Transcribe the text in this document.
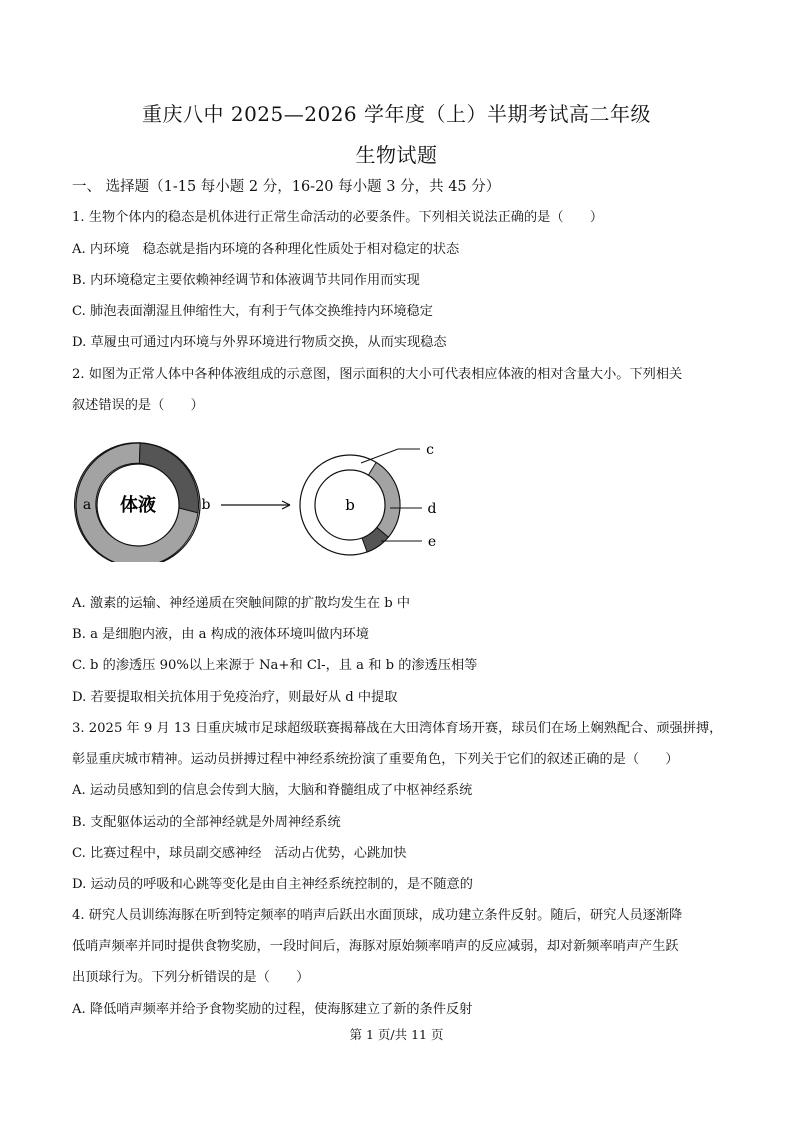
重庆八中 2025—2026 学年度（上）半期考试高二年级
生物试题
一、 选择题（1-15 每小题 2 分，16-20 每小题 3 分，共 45 分）
1. 生物个体内的稳态是机体进行正常生命活动的必要条件。下列相关说法正确的是（　　）
A. 内环境　稳态就是指内环境的各种理化性质处于相对稳定的状态
B. 内环境稳定主要依赖神经调节和体液调节共同作用而实现
C. 肺泡表面潮湿且伸缩性大，有利于气体交换维持内环境稳定
D. 草履虫可通过内环境与外界环境进行物质交换，从而实现稳态
2. 如图为正常人体中各种体液组成的示意图，图示面积的大小可代表相应体液的相对含量大小。下列相关
叙述错误的是（　　）
体液
a	b	b
c
d
e
A. 激素的运输、神经递质在突触间隙的扩散均发生在 b 中
B. a 是细胞内液，由 a 构成的液体环境叫做内环境
C. b 的渗透压 90%以上来源于 Na+和 Cl-，且 a 和 b 的渗透压相等
D. 若要提取相关抗体用于免疫治疗，则最好从 d 中提取
3. 2025 年 9 月 13 日重庆城市足球超级联赛揭幕战在大田湾体育场开赛，球员们在场上娴熟配合、顽强拼搏，
彰显重庆城市精神。运动员拼搏过程中神经系统扮演了重要角色，下列关于它们的叙述正确的是（　　）
A. 运动员感知到的信息会传到大脑，大脑和脊髓组成了中枢神经系统
B. 支配躯体运动的全部神经就是外周神经系统
C. 比赛过程中，球员副交感神经　活动占优势，心跳加快
D. 运动员的呼吸和心跳等变化是由自主神经系统控制的，是不随意的
4. 研究人员训练海豚在听到特定频率的哨声后跃出水面顶球，成功建立条件反射。随后，研究人员逐渐降
低哨声频率并同时提供食物奖励，一段时间后，海豚对原始频率哨声的反应减弱，却对新频率哨声产生跃
出顶球行为。下列分析错误的是（　　）
A. 降低哨声频率并给予食物奖励的过程，使海豚建立了新的条件反射
第 1 页/共 11 页
